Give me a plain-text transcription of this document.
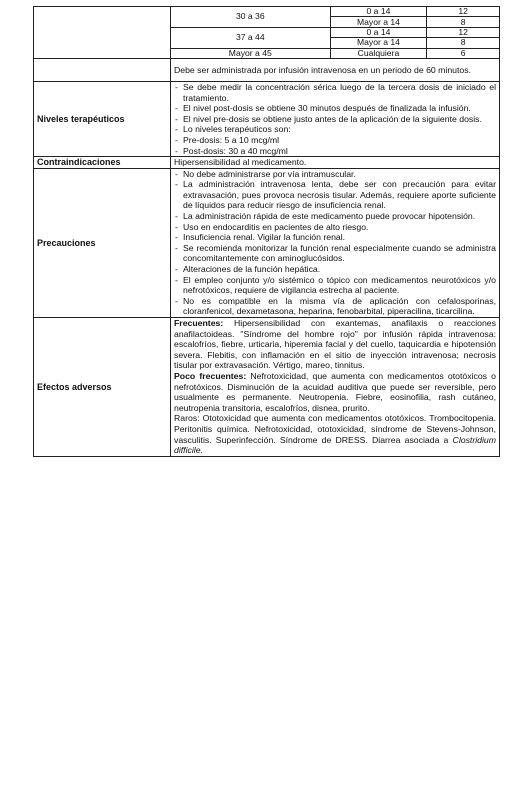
30 a 36	0 a 14	12
Mayor a 14	8
37 a 44	0 a 14	12
Mayor a 14	8
Mayor a 45	Cualquiera	6

	Debe ser administrada por infusión intravenosa en un periodo de 60 minutos.
Niveles terapéuticos	
- Se debe medir la concentración sérica luego de la tercera dosis de iniciado el tratamiento.
- El nivel post-dosis se obtiene 30 minutos después de finalizada la infusión.
- El nivel pre-dosis se obtiene justo antes de la aplicación de la siguiente dosis.
- Lo niveles terapéuticos son:
- Pre-dosis: 5 a 10 mcg/ml
- Post-dosis: 30 a 40 mcg/ml

Contraindicaciones	Hipersensibilidad al medicamento.
Precauciones	
- No debe administrarse por vía intramuscular.
- La administración intravenosa lenta, debe ser con precaución para evitar extravasación, pues provoca necrosis tisular. Además, requiere aporte suficiente de líquidos para reducir riesgo de insuficiencia renal.
- La administración rápida de este medicamento puede provocar hipotensión.
- Uso en endocarditis en pacientes de alto riesgo.
- Insuficiencia renal. Vigilar la función renal.
- Se recomienda monitorizar la función renal especialmente cuando se administra concomitantemente con aminoglucósidos.
- Alteraciones de la función hepática.
- El empleo conjunto y/o sistémico o tópico con medicamentos neurotóxicos y/o nefrotóxicos, requiere de vigilancia estrecha al paciente.
- No es compatible en la misma vía de aplicación con cefalosporinas, cloranfenicol, dexametasona, heparina, fenobarbital, piperacilina, ticarcilina.

Efectos adversos	

Frecuentes: Hipersensibilidad con exantemas, anafilaxis o reacciones anafilactoideas. "Síndrome del hombre rojo" por infusión rápida intravenosa: escalofríos, fiebre, urticaria, hiperemia facial y del cuello, taquicardia e hipotensión severa. Flebitis, con inflamación en el sitio de inyección intravenosa; necrosis tisular por extravasación. Vértigo, mareo, tinnitus.

Poco frecuentes: Nefrotoxicidad, que aumenta con medicamentos ototóxicos o nefrotóxicos. Disminución de la acuidad auditiva que puede ser reversible, pero usualmente es permanente. Neutropenia. Fiebre, eosinofilia, rash cutáneo, neutropenia transitoria, escalofríos, disnea, prurito.

Raros: Ototoxicidad que aumenta con medicamentos ototóxicos. Trombocitopenia. Peritonitis química. Nefrotoxicidad, ototoxicidad, síndrome de Stevens-Johnson, vasculitis. Superinfección. Síndrome de DRESS. Diarrea asociada a Clostridium difficile.
